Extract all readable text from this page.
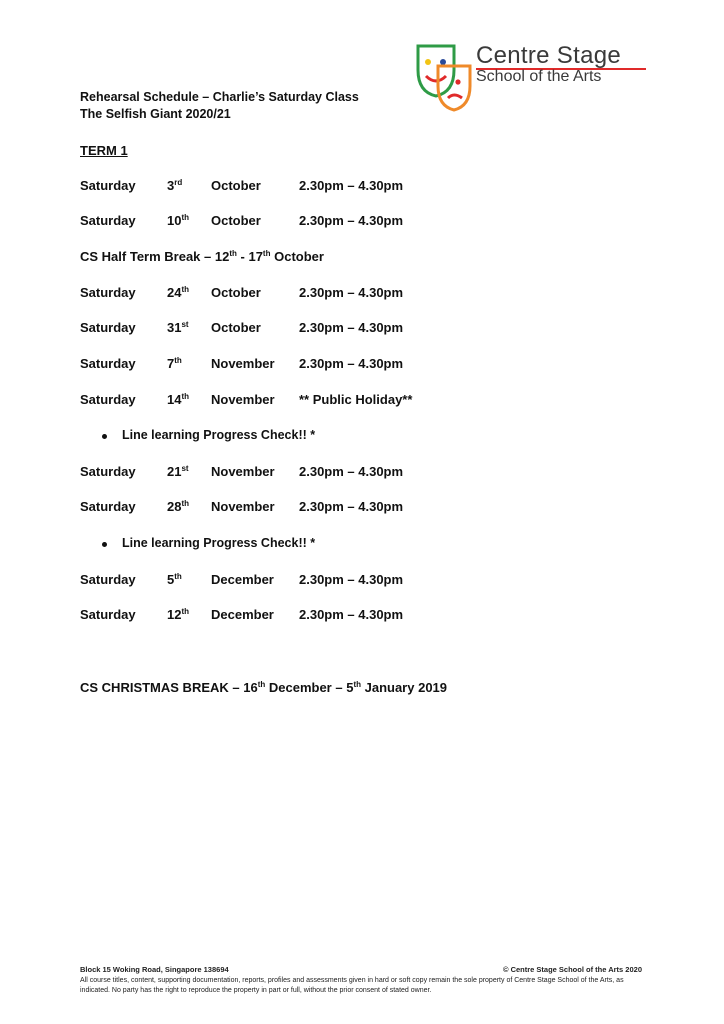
Centre Stage
School of the Arts
Rehearsal Schedule – Charlie’s Saturday Class
The Selfish Giant 2020/21
TERM 1
Saturday 3rd October	2.30pm – 4.30pm
Saturday 10th October	2.30pm – 4.30pm
CS Half Term Break – 12th - 17th October
Saturday 24th October	2.30pm – 4.30pm
Saturday 31st October	2.30pm – 4.30pm
Saturday 7th November 2.30pm – 4.30pm
Saturday 14th November ** Public Holiday**
Line learning Progress Check!! *
Saturday 21st November 2.30pm – 4.30pm
Saturday 28th November 2.30pm – 4.30pm
Line learning Progress Check!! *
Saturday 5th December 2.30pm – 4.30pm
Saturday 12th December 2.30pm – 4.30pm
CS CHRISTMAS BREAK – 16th December – 5th January 2019
Block 15 Woking Road, Singapore 138694	© Centre Stage School of the Arts 2020
All course titles, content, supporting documentation, reports, profiles and assessments given in hard or soft copy remain the sole property of Centre Stage School of the Arts, as indicated. No party has the right to reproduce the property in part or full, without the prior consent of stated owner.
